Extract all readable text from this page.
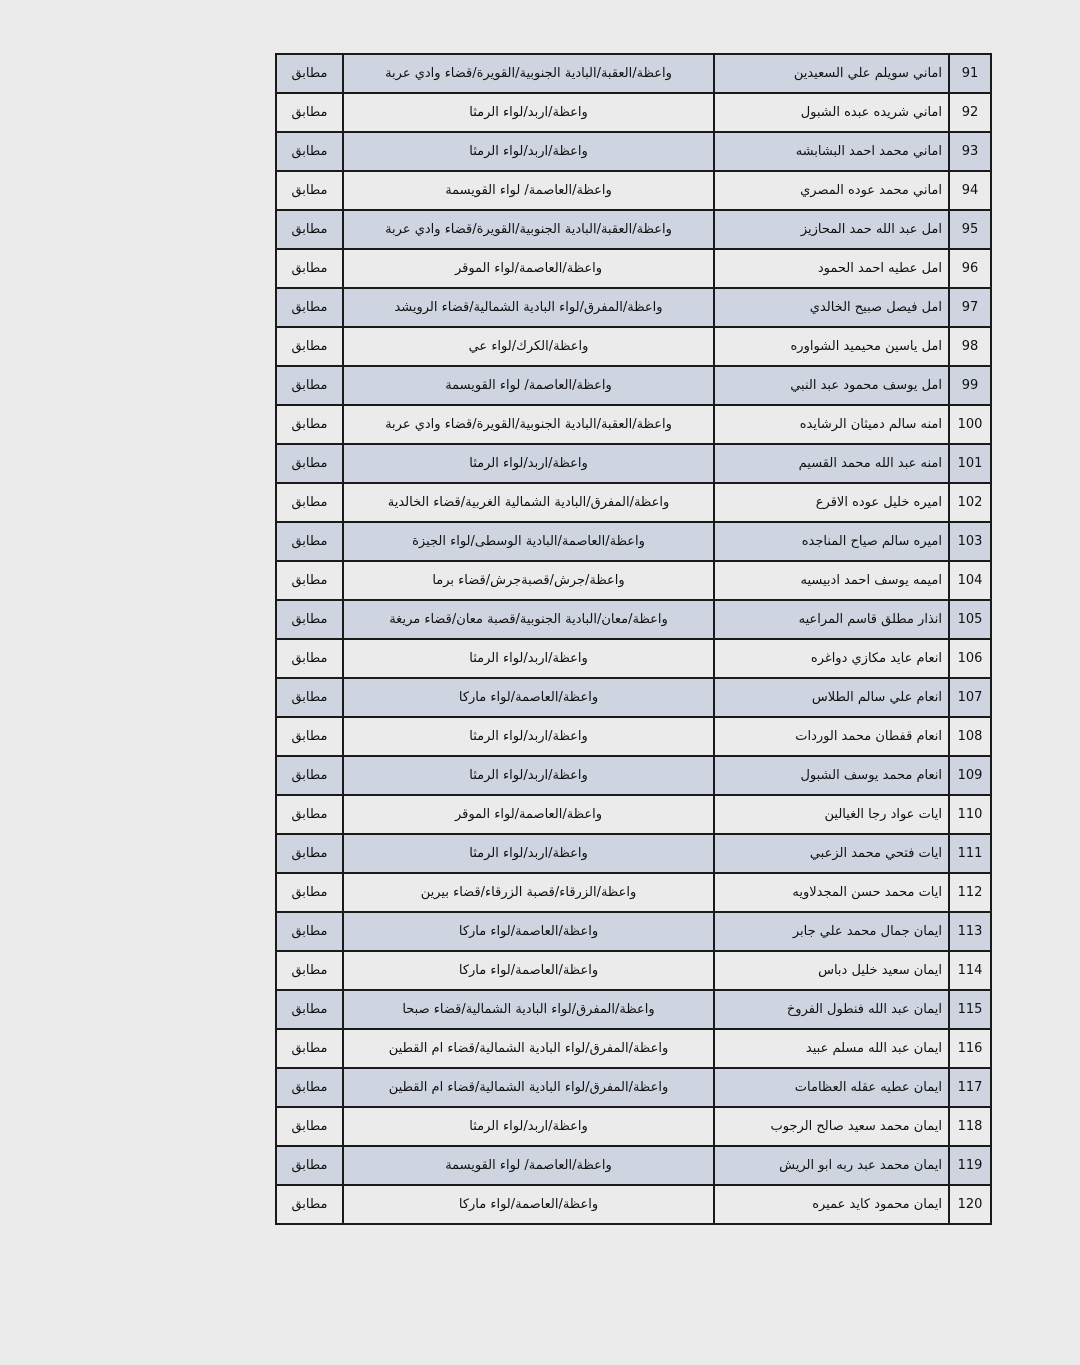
91	اماني سويلم علي السعيدين	واعظة/العقبة/البادية الجنوبية/القويرة/قضاء وادي عربة	مطابق
92	اماني شريده عبده الشبول	واعظة/اربد/لواء الرمثا	مطابق
93	اماني محمد احمد البشابشه	واعظة/اربد/لواء الرمثا	مطابق
94	اماني محمد عوده المصري	واعظة/العاصمة/ لواء القويسمة	مطابق
95	امل عبد الله حمد المحازيز	واعظة/العقبة/البادية الجنوبية/القويرة/قضاء وادي عربة	مطابق
96	امل عطيه احمد الحمود	واعظة/العاصمة/لواء الموقر	مطابق
97	امل فيصل صبيح الخالدي	واعظة/المفرق/لواء البادية الشمالية/قضاء الرويشد	مطابق
98	امل ياسين محيميد الشواوره	واعظة/الكرك/لواء عي	مطابق
99	امل يوسف محمود عبد النبي	واعظة/العاصمة/ لواء القويسمة	مطابق
100	امنه سالم دميثان الرشايده	واعظة/العقبة/البادية الجنوبية/القويرة/قضاء وادي عربة	مطابق
101	امنه عبد الله محمد القسيم	واعظة/اربد/لواء الرمثا	مطابق
102	اميره خليل عوده الاقرع	واعظة/المفرق/البادية الشمالية الغربية/قضاء الخالدية	مطابق
103	اميره سالم صياح المناجده	واعظة/العاصمة/البادية الوسطى/لواء الجيزة	مطابق
104	اميمه يوسف احمد ادبيسيه	واعظة/جرش/قصبةجرش/قضاء برما	مطابق
105	انذار مطلق قاسم المراعيه	واعظة/معان/البادية الجنوبية/قصبة معان/قضاء مريغة	مطابق
106	انعام عايد مكازي دواغره	واعظة/اربد/لواء الرمثا	مطابق
107	انعام علي سالم الطلاس	واعظة/العاصمة/لواء ماركا	مطابق
108	انعام قفطان محمد الوردات	واعظة/اربد/لواء الرمثا	مطابق
109	انعام محمد يوسف الشبول	واعظة/اربد/لواء الرمثا	مطابق
110	ايات عواد رجا الغيالين	واعظة/العاصمة/لواء الموقر	مطابق
111	ايات فتحي محمد الزعبي	واعظة/اربد/لواء الرمثا	مطابق
112	ايات محمد حسن المجدلاويه	واعظة/الزرقاء/قصبة الزرقاء/قضاء بيرين	مطابق
113	ايمان جمال محمد علي جابر	واعظة/العاصمة/لواء ماركا	مطابق
114	ايمان سعيد خليل دباس	واعظة/العاصمة/لواء ماركا	مطابق
115	ايمان عبد الله فنطول الفروخ	واعظة/المفرق/لواء البادية الشمالية/قضاء صبحا	مطابق
116	ايمان عبد الله مسلم عبيد	واعظة/المفرق/لواء البادية الشمالية/قضاء ام القطين	مطابق
117	ايمان عطيه عقله العظامات	واعظة/المفرق/لواء البادية الشمالية/قضاء ام القطين	مطابق
118	ايمان محمد سعيد صالح الرجوب	واعظة/اربد/لواء الرمثا	مطابق
119	ايمان محمد عبد ربه ابو الريش	واعظة/العاصمة/ لواء القويسمة	مطابق
120	ايمان محمود كايد عميره	واعظة/العاصمة/لواء ماركا	مطابق
